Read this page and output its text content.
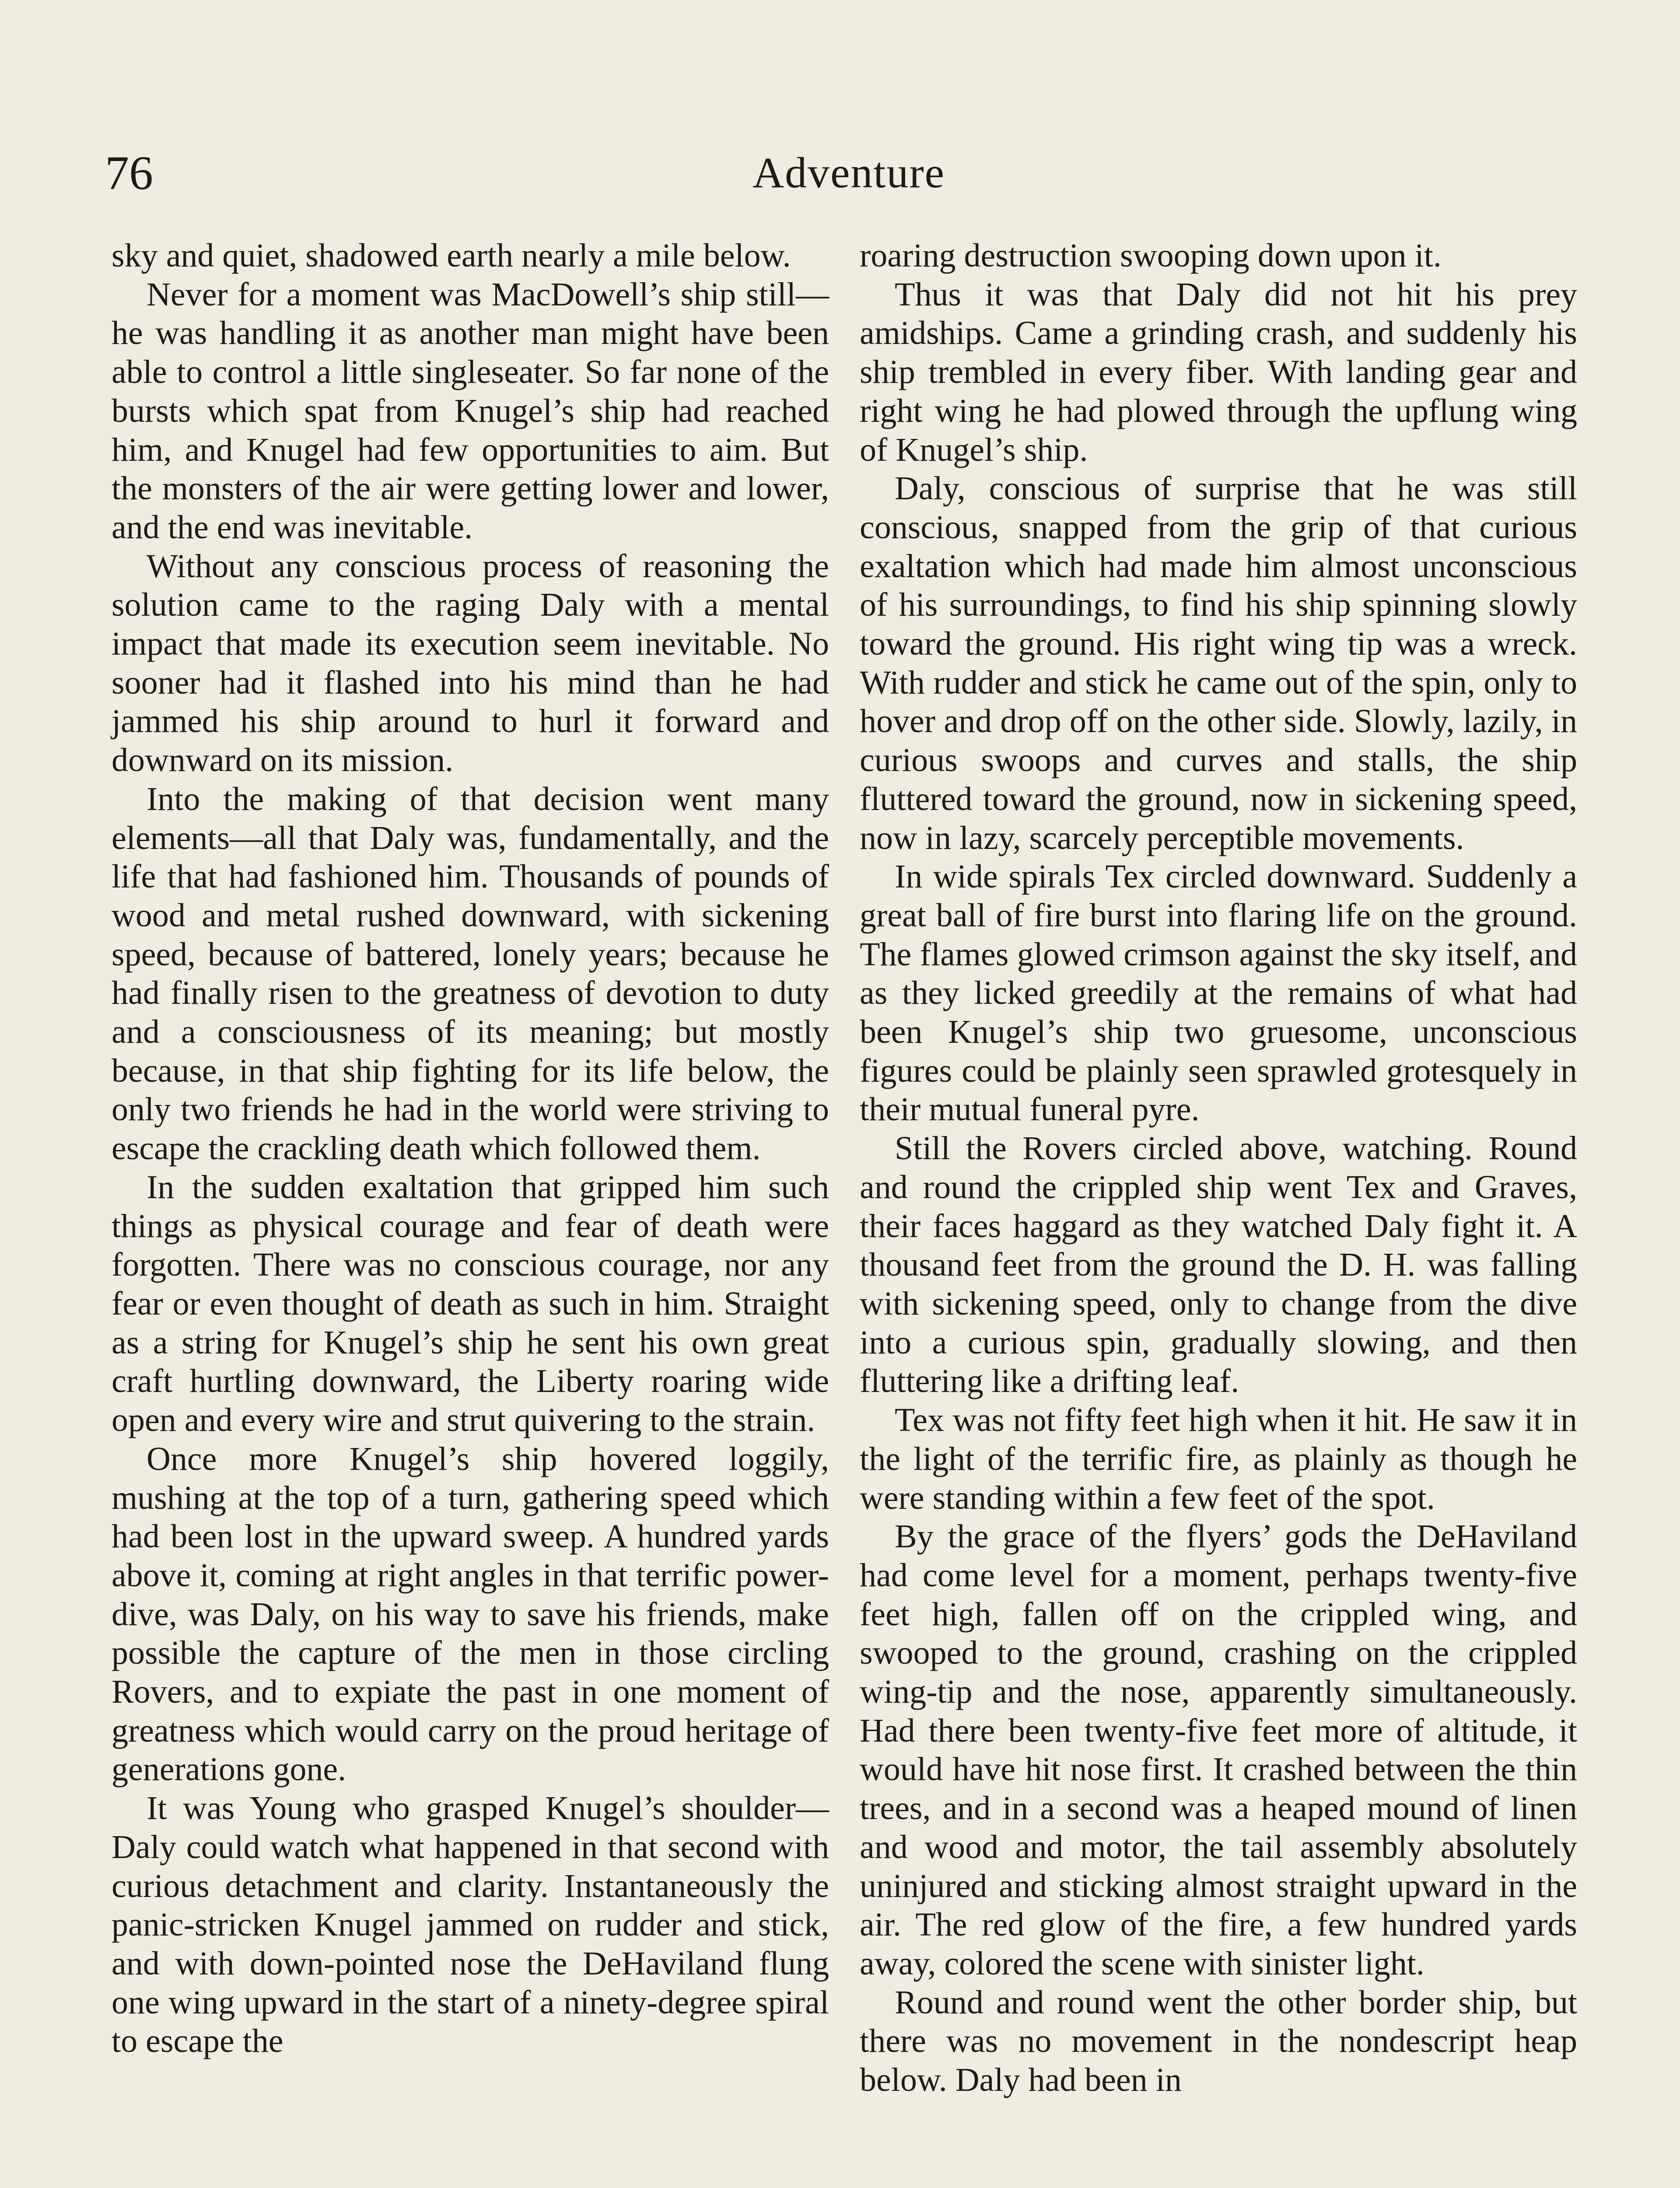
76	Adventure

sky and quiet, shadowed earth nearly a mile below.

Never for a moment was MacDowell’s ship still—he was handling it as another man might have been able to control a little singleseater. So far none of the bursts which spat from Knugel’s ship had reached him, and Knugel had few opportunities to aim. But the monsters of the air were getting lower and lower, and the end was inevitable.

Without any conscious process of reasoning the solution came to the raging Daly with a mental impact that made its execution seem inevitable. No sooner had it flashed into his mind than he had jammed his ship around to hurl it forward and downward on its mission.

Into the making of that decision went many elements—all that Daly was, fundamentally, and the life that had fashioned him. Thousands of pounds of wood and metal rushed downward, with sickening speed, because of battered, lonely years; because he had finally risen to the greatness of devotion to duty and a consciousness of its meaning; but mostly because, in that ship fighting for its life below, the only two friends he had in the world were striving to escape the crackling death which followed them.

In the sudden exaltation that gripped him such things as physical courage and fear of death were forgotten. There was no conscious courage, nor any fear or even thought of death as such in him. Straight as a string for Knugel’s ship he sent his own great craft hurtling downward, the Liberty roaring wide open and every wire and strut quivering to the strain.

Once more Knugel’s ship hovered loggily, mushing at the top of a turn, gathering speed which had been lost in the upward sweep. A hundred yards above it, coming at right angles in that terrific power-dive, was Daly, on his way to save his friends, make possible the capture of the men in those circling Rovers, and to expiate the past in one moment of greatness which would carry on the proud heritage of generations gone.

It was Young who grasped Knugel’s shoulder—Daly could watch what happened in that second with curious detachment and clarity. Instantaneously the panic-stricken Knugel jammed on rudder and stick, and with down-pointed nose the DeHaviland flung one wing upward in the start of a ninety-degree spiral to escape the

roaring destruction swooping down upon it.

Thus it was that Daly did not hit his prey amidships. Came a grinding crash, and suddenly his ship trembled in every fiber. With landing gear and right wing he had plowed through the upflung wing of Knugel’s ship.

Daly, conscious of surprise that he was still conscious, snapped from the grip of that curious exaltation which had made him almost unconscious of his surroundings, to find his ship spinning slowly toward the ground. His right wing tip was a wreck. With rudder and stick he came out of the spin, only to hover and drop off on the other side. Slowly, lazily, in curious swoops and curves and stalls, the ship fluttered toward the ground, now in sickening speed, now in lazy, scarcely perceptible movements.

In wide spirals Tex circled downward. Suddenly a great ball of fire burst into flaring life on the ground. The flames glowed crimson against the sky itself, and as they licked greedily at the remains of what had been Knugel’s ship two gruesome, unconscious figures could be plainly seen sprawled grotesquely in their mutual funeral pyre.

Still the Rovers circled above, watching. Round and round the crippled ship went Tex and Graves, their faces haggard as they watched Daly fight it. A thousand feet from the ground the D. H. was falling with sickening speed, only to change from the dive into a curious spin, gradually slowing, and then fluttering like a drifting leaf.

Tex was not fifty feet high when it hit. He saw it in the light of the terrific fire, as plainly as though he were standing within a few feet of the spot.

By the grace of the flyers’ gods the DeHaviland had come level for a moment, perhaps twenty-five feet high, fallen off on the crippled wing, and swooped to the ground, crashing on the crippled wing-tip and the nose, apparently simultaneously. Had there been twenty-five feet more of altitude, it would have hit nose first. It crashed between the thin trees, and in a second was a heaped mound of linen and wood and motor, the tail assembly absolutely uninjured and sticking almost straight upward in the air. The red glow of the fire, a few hundred yards away, colored the scene with sinister light.

Round and round went the other border ship, but there was no movement in the nondescript heap below. Daly had been in
